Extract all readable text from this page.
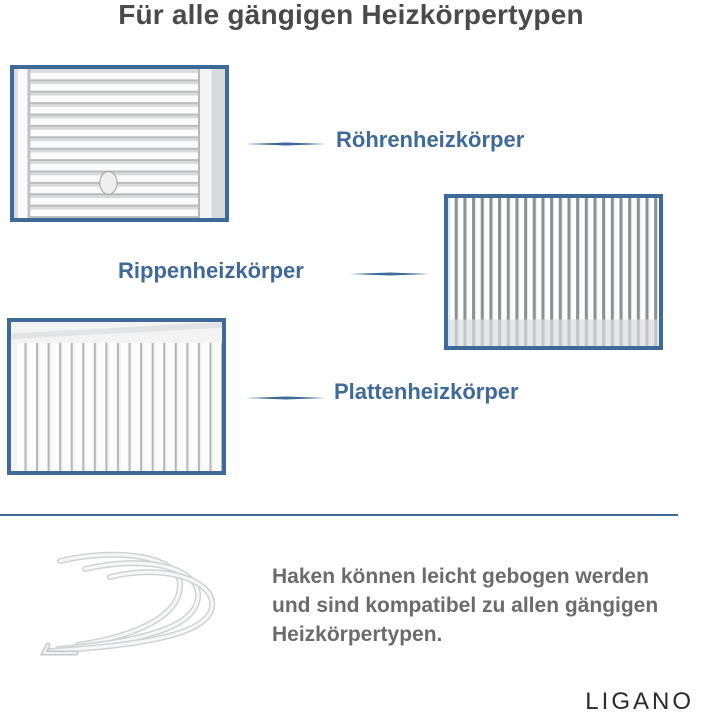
Für alle gängigen Heizkörpertypen
Röhrenheizkörper
Rippenheizkörper
Plattenheizkörper
Haken können leicht gebogen werden und sind kompatibel zu allen gängigen Heizkörpertypen.
LIGANO
